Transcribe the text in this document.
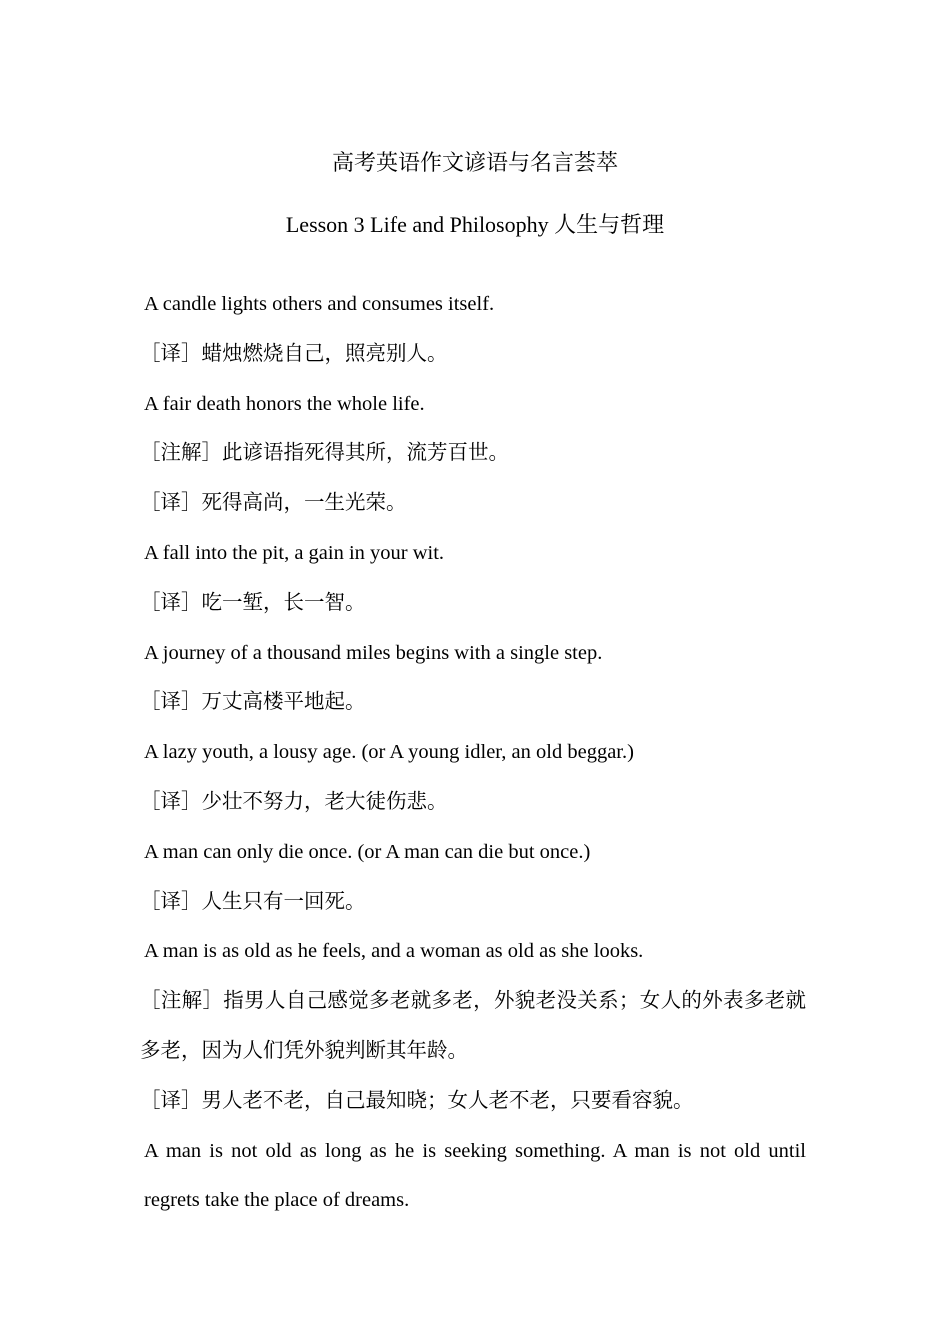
高考英语作文谚语与名言荟萃
Lesson 3 Life and Philosophy 人生与哲理

A candle lights others and consumes itself.

［译］蜡烛燃烧自己，照亮别人。

A fair death honors the whole life.

［注解］此谚语指死得其所，流芳百世。

［译］死得高尚，一生光荣。

A fall into the pit, a gain in your wit.

［译］吃一堑，长一智。

A journey of a thousand miles begins with a single step.

［译］万丈高楼平地起。

A lazy youth, a lousy age. (or A young idler, an old beggar.)

［译］少壮不努力，老大徒伤悲。

A man can only die once. (or A man can die but once.)

［译］人生只有一回死。

A man is as old as he feels, and a woman as old as she looks.

［注解］指男人自己感觉多老就多老，外貌老没关系；女人的外表多老就多老，因为人们凭外貌判断其年龄。

［译］男人老不老，自己最知晓；女人老不老，只要看容貌。

A man is not old as long as he is seeking something. A man is not old until regrets take the place of dreams.
